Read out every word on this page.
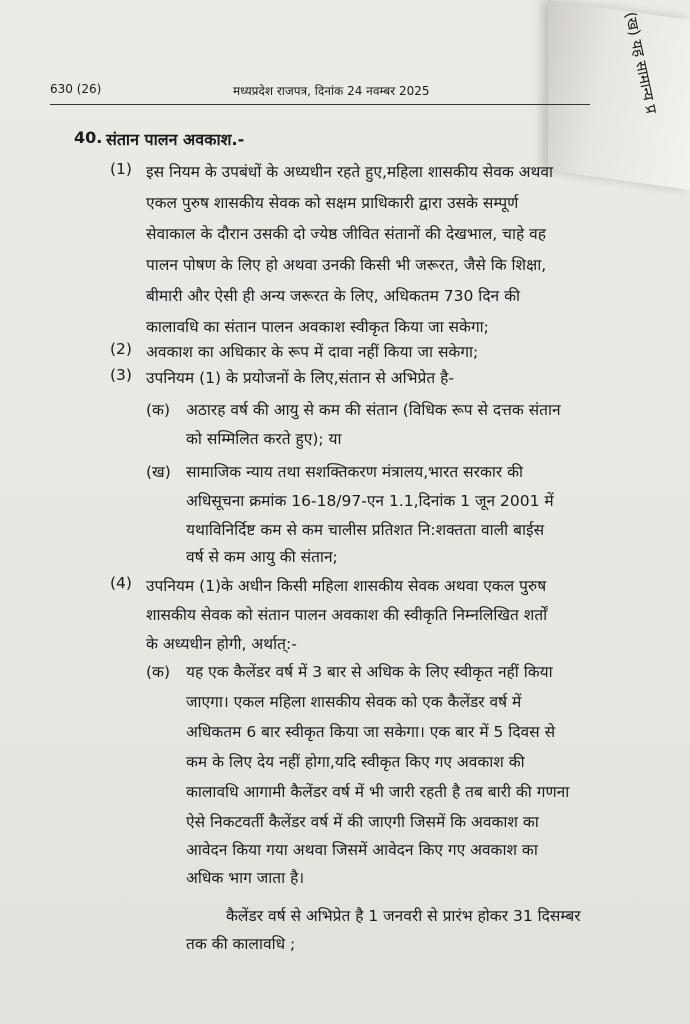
(ख) यह सामान्य प्र
630 (26)	मध्यप्रदेश राजपत्र, दिनांक 24 नवम्बर 2025
40. संतान पालन अवकाश.-
(1) इस नियम के उपबंधों के अध्यधीन रहते हुए,महिला शासकीय सेवक अथवा
एकल पुरुष शासकीय सेवक को सक्षम प्राधिकारी द्वारा उसके सम्पूर्ण
सेवाकाल के दौरान उसकी दो ज्येष्ठ जीवित संतानों की देखभाल, चाहे वह
पालन पोषण के लिए हो अथवा उनकी किसी भी जरूरत, जैसे कि शिक्षा,
बीमारी और ऐसी ही अन्य जरूरत के लिए, अधिकतम 730 दिन की
कालावधि का संतान पालन अवकाश स्वीकृत किया जा सकेगा;
(2) अवकाश का अधिकार के रूप में दावा नहीं किया जा सकेगा;
(3) उपनियम (1) के प्रयोजनों के लिए,संतान से अभिप्रेत है-
(क) अठारह वर्ष की आयु से कम की संतान (विधिक रूप से दत्तक संतान
को सम्मिलित करते हुए); या
(ख) सामाजिक न्याय तथा सशक्तिकरण मंत्रालय,भारत सरकार की
अधिसूचना क्रमांक 16-18/97-एन 1.1,दिनांक 1 जून 2001 में
यथाविनिर्दिष्ट कम से कम चालीस प्रतिशत नि:शक्तता वाली बाईस
वर्ष से कम आयु की संतान;
(4) उपनियम (1)के अधीन किसी महिला शासकीय सेवक अथवा एकल पुरुष
शासकीय सेवक को संतान पालन अवकाश की स्वीकृति निम्नलिखित शर्तों
के अध्यधीन होगी, अर्थात्:-
(क) यह एक कैलेंडर वर्ष में 3 बार से अधिक के लिए स्वीकृत नहीं किया
जाएगा। एकल महिला शासकीय सेवक को एक कैलेंडर वर्ष में
अधिकतम 6 बार स्वीकृत किया जा सकेगा। एक बार में 5 दिवस से
कम के लिए देय नहीं होगा,यदि स्वीकृत किए गए अवकाश की
कालावधि आगामी कैलेंडर वर्ष में भी जारी रहती है तब बारी की गणना
ऐसे निकटवर्ती कैलेंडर वर्ष में की जाएगी जिसमें कि अवकाश का
आवेदन किया गया अथवा जिसमें आवेदन किए गए अवकाश का
अधिक भाग जाता है।
कैलेंडर वर्ष से अभिप्रेत है 1 जनवरी से प्रारंभ होकर 31 दिसम्बर
तक की कालावधि ;
